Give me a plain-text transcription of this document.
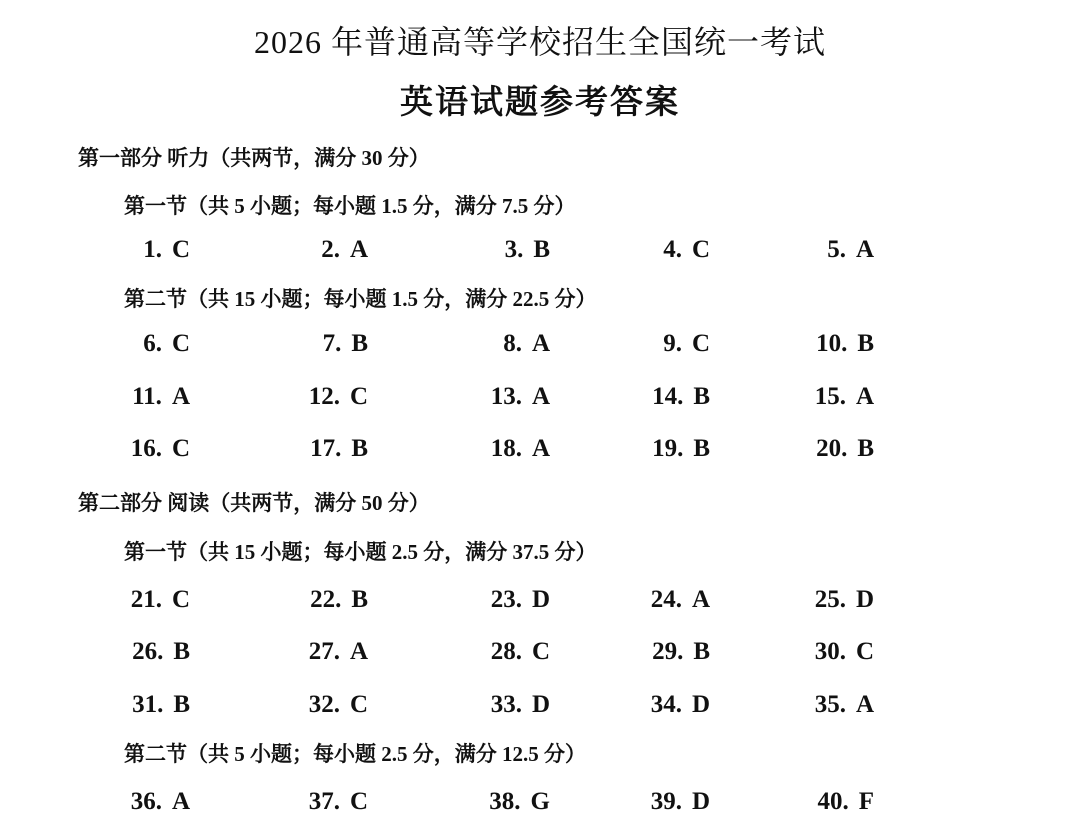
2026 年普通高等学校招生全国统一考试
英语试题参考答案
第一部分 听力（共两节，满分 30 分）
第一节（共 5 小题；每小题 1.5 分，满分 7.5 分）
1. C	2. A	3. B	4. C	5. A
第二节（共 15 小题；每小题 1.5 分，满分 22.5 分）
6. C	7. B	8. A	9. C	10. B
11. A	12. C	13. A	14. B	15. A
16. C	17. B	18. A	19. B	20. B
第二部分 阅读（共两节，满分 50 分）
第一节（共 15 小题；每小题 2.5 分，满分 37.5 分）
21. C	22. B	23. D	24. A	25. D
26. B	27. A	28. C	29. B	30. C
31. B	32. C	33. D	34. D	35. A
第二节（共 5 小题；每小题 2.5 分，满分 12.5 分）
36. A	37. C	38. G	39. D	40. F
